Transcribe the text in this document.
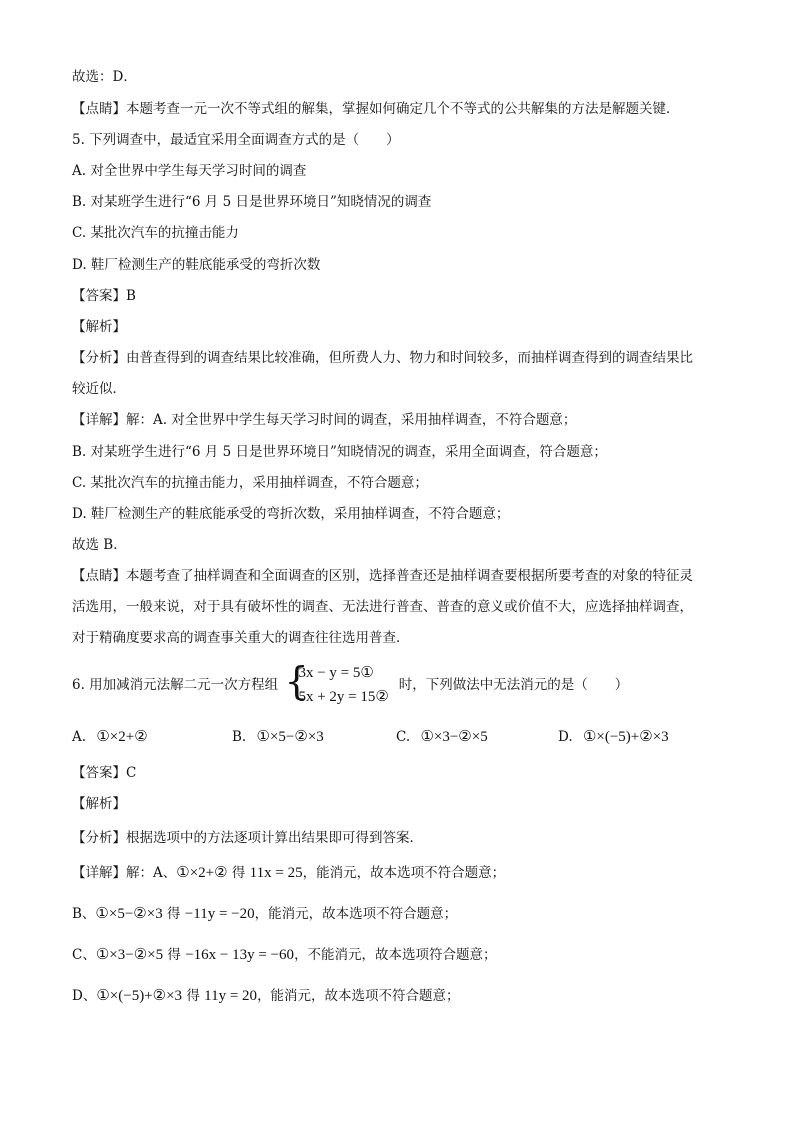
故选：D．
【点睛】本题考查一元一次不等式组的解集，掌握如何确定几个不等式的公共解集的方法是解题关键．
5. 下列调查中，最适宜采用全面调查方式的是（　　）
A. 对全世界中学生每天学习时间的调查
B. 对某班学生进行“6 月 5 日是世界环境日”知晓情况的调查
C. 某批次汽车的抗撞击能力
D. 鞋厂检测生产的鞋底能承受的弯折次数
【答案】B
【解析】
【分析】由普查得到的调查结果比较准确，但所费人力、物力和时间较多，而抽样调查得到的调查结果比
较近似．
【详解】解：A. 对全世界中学生每天学习时间的调查，采用抽样调查，不符合题意；
B. 对某班学生进行“6 月 5 日是世界环境日”知晓情况的调查，采用全面调查，符合题意；
C. 某批次汽车的抗撞击能力，采用抽样调查，不符合题意；
D. 鞋厂检测生产的鞋底能承受的弯折次数，采用抽样调查，不符合题意；
故选 B．
【点睛】本题考查了抽样调查和全面调查的区别，选择普查还是抽样调查要根据所要考查的对象的特征灵
活选用，一般来说，对于具有破坏性的调查、无法进行普查、普查的意义或价值不大，应选择抽样调查，
对于精确度要求高的调查事关重大的调查往往选用普查．
6. 用加减消元法解二元一次方程组 {
3x − y = 5①
5x + 2y = 15②
时，下列做法中无法消元的是（　　）
A. ①×2+②	B. ①×5−②×3	C. ①×3−②×5	D. ①×(−5)+②×3
【答案】C
【解析】
【分析】根据选项中的方法逐项计算出结果即可得到答案．
【详解】解：A、①×2+② 得 11x = 25，能消元，故本选项不符合题意；
B、①×5−②×3 得 −11y = −20，能消元，故本选项不符合题意；
C、①×3−②×5 得 −16x − 13y = −60，不能消元，故本选项符合题意；
D、①×(−5)+②×3 得 11y = 20，能消元，故本选项不符合题意；
